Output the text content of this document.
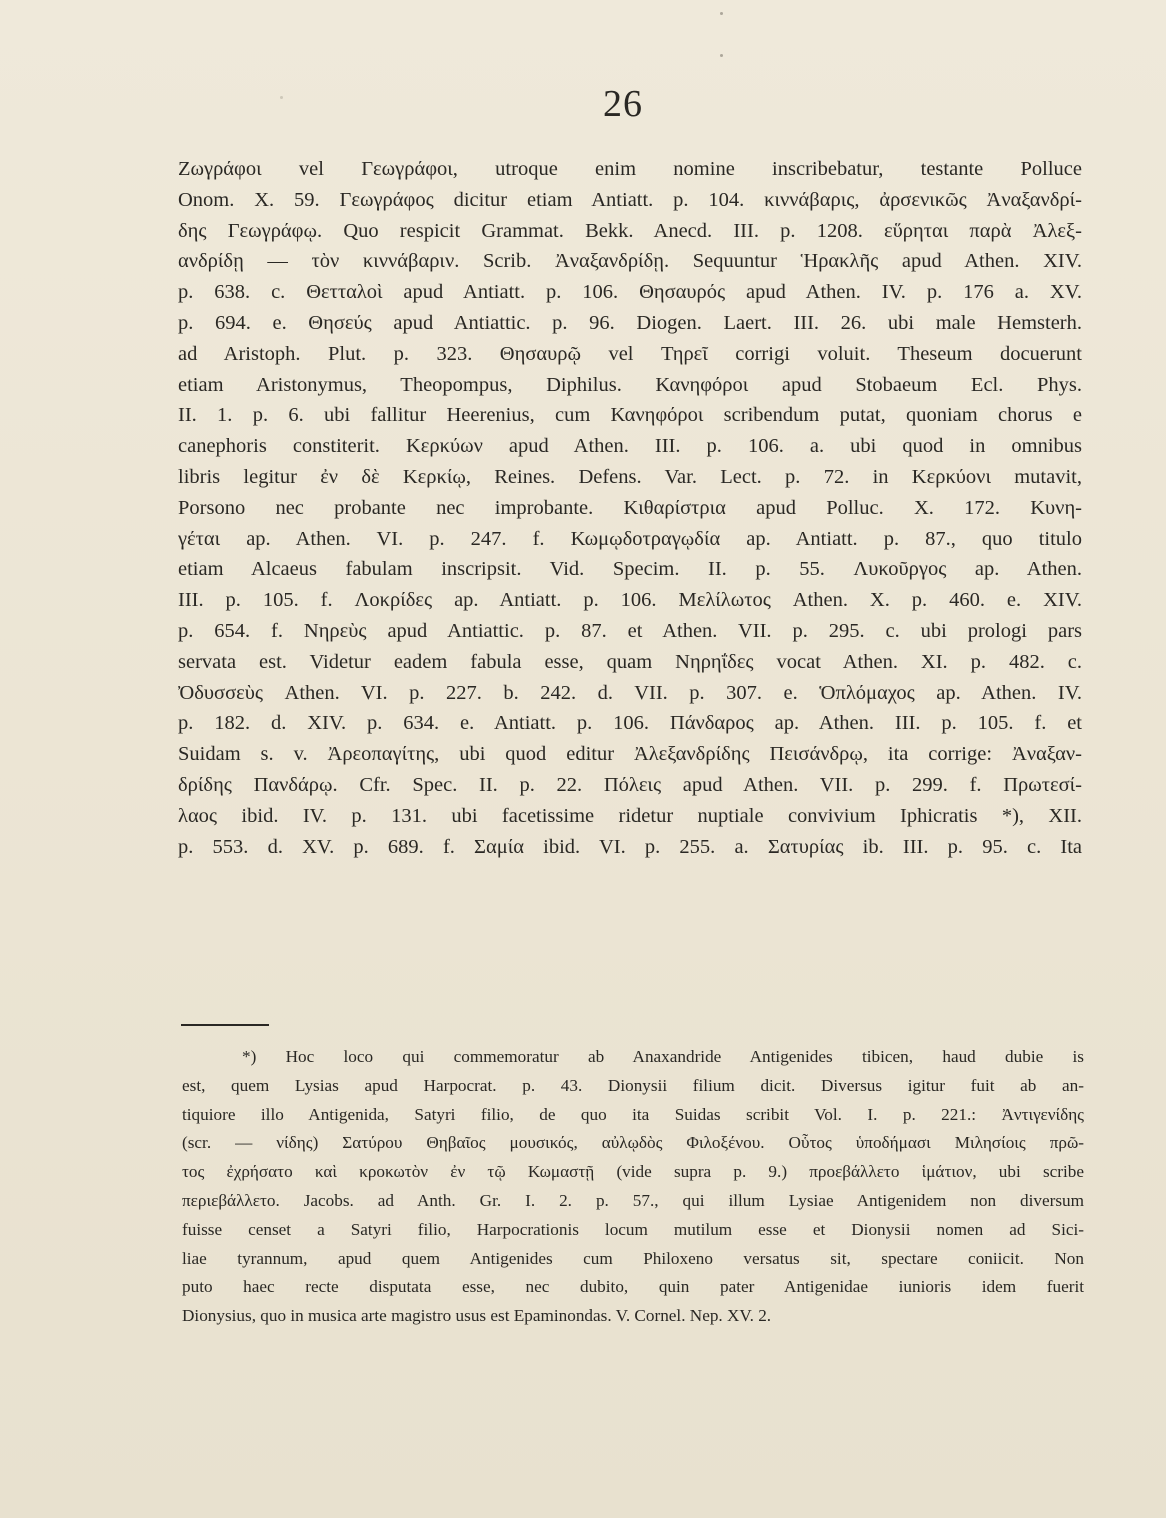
26
Ζωγράφοι vel Γεωγράφοι, utroque enim nomine inscribebatur, testante Polluce
Onom. X. 59. Γεωγράφος dicitur etiam Antiatt. p. 104. κιννάβαρις, ἀρσενικῶς Ἀναξανδρί-
δης Γεωγράφῳ. Quo respicit Grammat. Bekk. Anecd. III. p. 1208. εὕρηται παρὰ Ἀλεξ-
ανδρίδῃ — τὸν κιννάβαριν. Scrib. Ἀναξανδρίδῃ. Sequuntur Ἡρακλῆς apud Athen. XIV.
p. 638. c. Θετταλοὶ apud Antiatt. p. 106. Θησαυρός apud Athen. IV. p. 176 a. XV.
p. 694. e. Θησεύς apud Antiattic. p. 96. Diogen. Laert. III. 26. ubi male Hemsterh.
ad Aristoph. Plut. p. 323. Θησαυρῷ vel Τηρεῖ corrigi voluit. Theseum docuerunt
etiam Aristonymus, Theopompus, Diphilus. Κανηφόροι apud Stobaeum Ecl. Phys.
II. 1. p. 6. ubi fallitur Heerenius, cum Κανηφόροι scribendum putat, quoniam chorus e
canephoris constiterit. Κερκύων apud Athen. III. p. 106. a. ubi quod in omnibus
libris legitur ἐν δὲ Κερκίῳ, Reines. Defens. Var. Lect. p. 72. in Κερκύονι mutavit,
Porsono nec probante nec improbante. Κιθαρίστρια apud Polluc. X. 172. Κυνη-
γέται ap. Athen. VI. p. 247. f. Κωμῳδοτραγῳδία ap. Antiatt. p. 87., quo titulo
etiam Alcaeus fabulam inscripsit. Vid. Specim. II. p. 55. Λυκοῦργος ap. Athen.
III. p. 105. f. Λοκρίδες ap. Antiatt. p. 106. Μελίλωτος Athen. X. p. 460. e. XIV.
p. 654. f. Νηρεὺς apud Antiattic. p. 87. et Athen. VII. p. 295. c. ubi prologi pars
servata est. Videtur eadem fabula esse, quam Νηρηΐδες vocat Athen. XI. p. 482. c.
Ὀδυσσεὺς Athen. VI. p. 227. b. 242. d. VII. p. 307. e. Ὁπλόμαχος ap. Athen. IV.
p. 182. d. XIV. p. 634. e. Antiatt. p. 106. Πάνδαρος ap. Athen. III. p. 105. f. et
Suidam s. v. Ἀρεοπαγίτης, ubi quod editur Ἀλεξανδρίδης Πεισάνδρῳ, ita corrige: Ἀναξαν-
δρίδης Πανδάρῳ. Cfr. Spec. II. p. 22. Πόλεις apud Athen. VII. p. 299. f. Πρωτεσί-
λαος ibid. IV. p. 131. ubi facetissime ridetur nuptiale convivium Iphicratis *), XII.
p. 553. d. XV. p. 689. f. Σαμία ibid. VI. p. 255. a. Σατυρίας ib. III. p. 95. c. Ita
*) Hoc loco qui commemoratur ab Anaxandride Antigenides tibicen, haud dubie is
est, quem Lysias apud Harpocrat. p. 43. Dionysii filium dicit. Diversus igitur fuit ab an-
tiquiore illo Antigenida, Satyri filio, de quo ita Suidas scribit Vol. I. p. 221.: Ἀντιγενίδης
(scr. — νίδης) Σατύρου Θηβαῖος μουσικός, αὐλῳδὸς Φιλοξένου. Οὗτος ὑποδήμασι Μιλησίοις πρῶ-
τος ἐχρήσατο καὶ κροκωτὸν ἐν τῷ Κωμαστῇ (vide supra p. 9.) προεβάλλετο ἱμάτιον, ubi scribe
περιεβάλλετο. Jacobs. ad Anth. Gr. I. 2. p. 57., qui illum Lysiae Antigenidem non diversum
fuisse censet a Satyri filio, Harpocrationis locum mutilum esse et Dionysii nomen ad Sici-
liae tyrannum, apud quem Antigenides cum Philoxeno versatus sit, spectare coniicit. Non
puto haec recte disputata esse, nec dubito, quin pater Antigenidae iunioris idem fuerit
Dionysius, quo in musica arte magistro usus est Epaminondas. V. Cornel. Nep. XV. 2.
